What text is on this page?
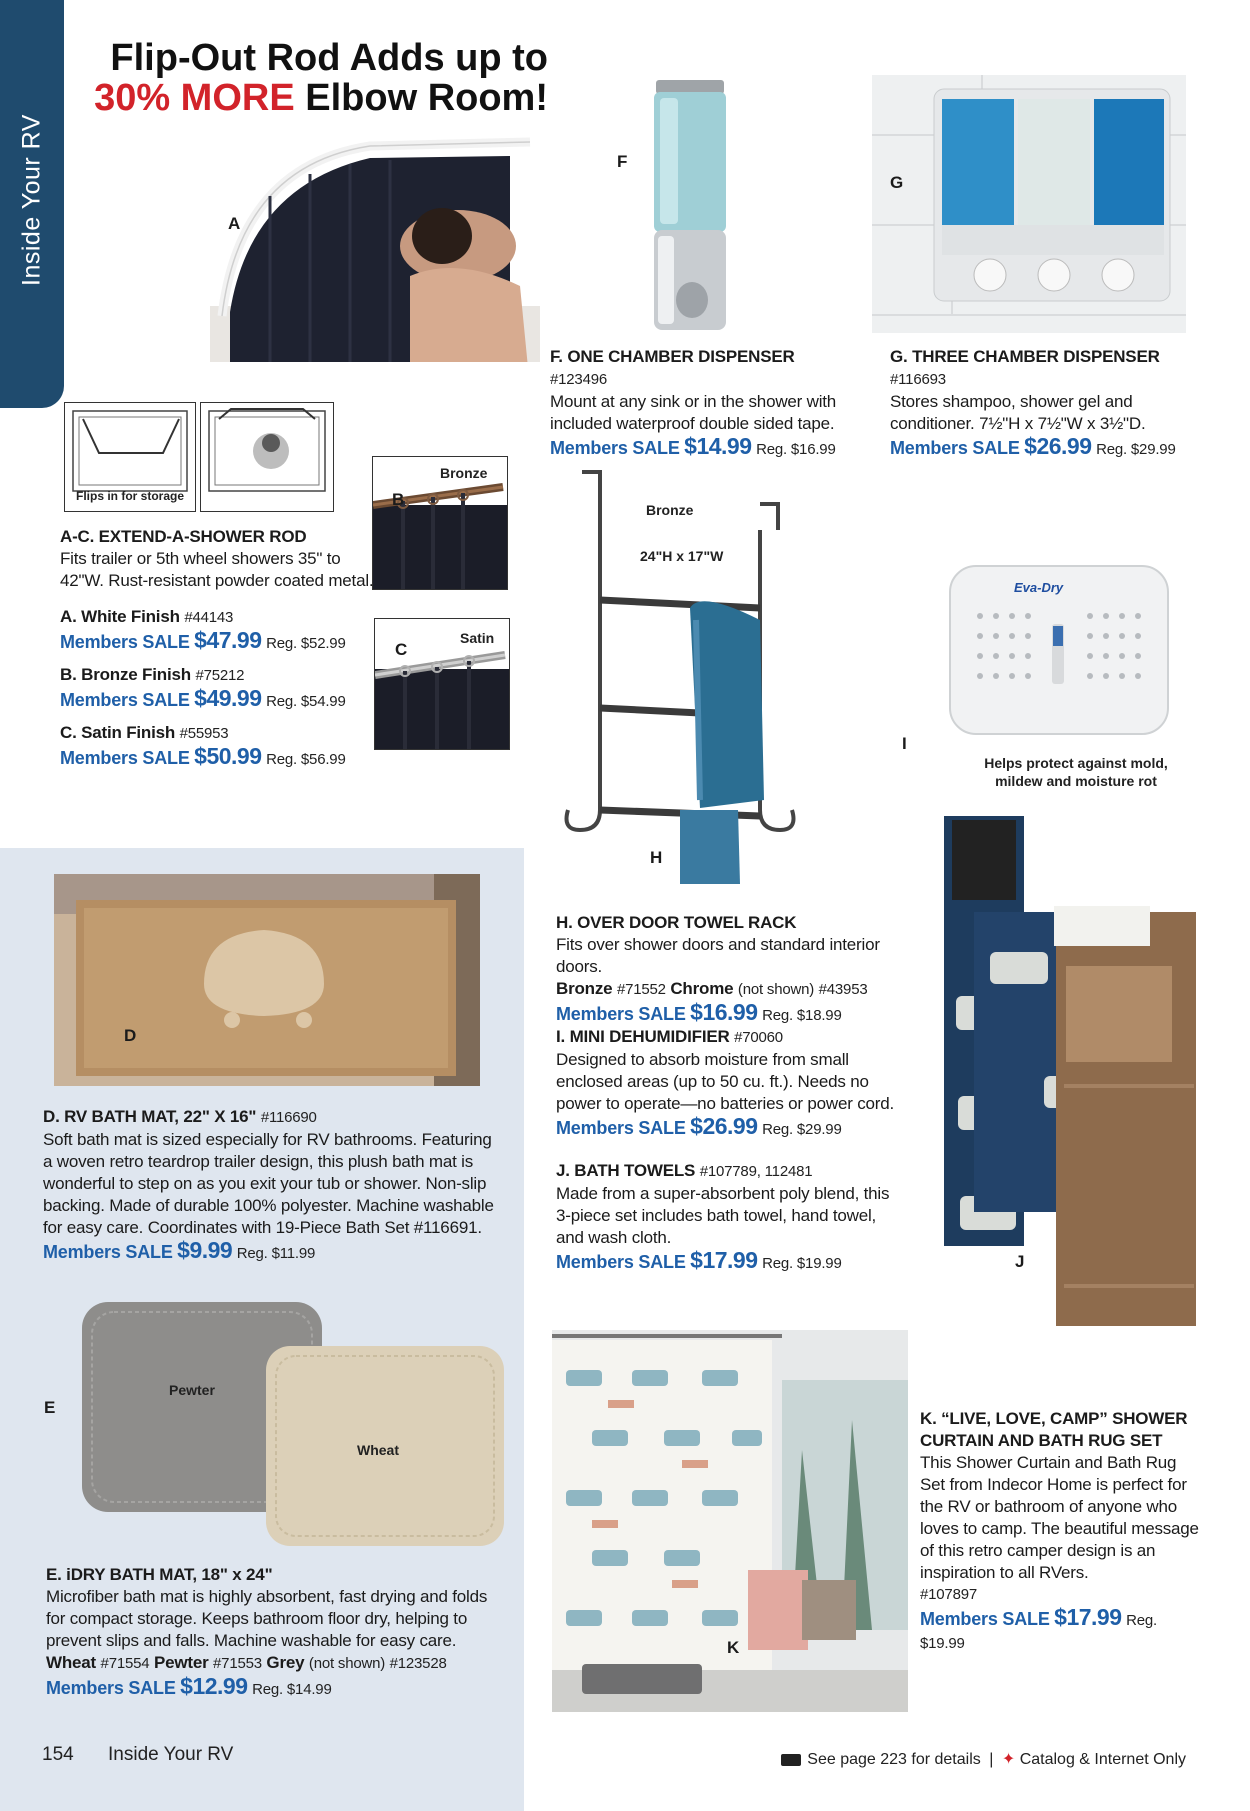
Inside Your RV
Flip-Out Rod Adds up to
30% MORE Elbow Room!
A
Flips in for storage
Bronze
B
Satin
C
A-C. EXTEND-A-SHOWER ROD
Fits trailer or 5th wheel showers 35" to 42"W. Rust-resistant powder coated metal.
A. White Finish #44143
Members SALE $47.99 Reg. $52.99
B. Bronze Finish #75212
Members SALE $49.99 Reg. $54.99
C. Satin Finish #55953
Members SALE $50.99 Reg. $56.99
F
G
F. ONE CHAMBER DISPENSER #123496
Mount at any sink or in the shower with included waterproof double sided tape.
Members SALE $14.99 Reg. $16.99
G. THREE CHAMBER DISPENSER #116693
Stores shampoo, shower gel and conditioner. 7½"H x 7½"W x 3½"D.
Members SALE $26.99 Reg. $29.99
Bronze
24"H x 17"W
H
Eva-Dry
I
Helps protect against mold, mildew and moisture rot
J
D
D. RV BATH MAT, 22" X 16" #116690
Soft bath mat is sized especially for RV bathrooms. Featuring a woven retro teardrop trailer design, this plush bath mat is wonderful to step on as you exit your tub or shower. Non-slip backing. Made of durable 100% polyester. Machine washable for easy care. Coordinates with 19-Piece Bath Set #116691.
Members SALE $9.99 Reg. $11.99
Pewter
Wheat
E
E. iDRY BATH MAT, 18" x 24"
Microfiber bath mat is highly absorbent, fast drying and folds for compact storage. Keeps bathroom floor dry, helping to prevent slips and falls. Machine washable for easy care.
Wheat #71554 Pewter #71553 Grey (not shown) #123528
Members SALE $12.99 Reg. $14.99
H. OVER DOOR TOWEL RACK
Fits over shower doors and standard interior doors.
Bronze #71552 Chrome (not shown) #43953
Members SALE $16.99 Reg. $18.99
I. MINI DEHUMIDIFIER #70060
Designed to absorb moisture from small enclosed areas (up to 50 cu. ft.). Needs no power to operate—no batteries or power cord.
Members SALE $26.99 Reg. $29.99
J. BATH TOWELS #107789, 112481
Made from a super-absorbent poly blend, this 3-piece set includes bath towel, hand towel, and wash cloth.
Members SALE $17.99 Reg. $19.99
K
K. “LIVE, LOVE, CAMP” SHOWER CURTAIN AND BATH RUG SET
This Shower Curtain and Bath Rug Set from Indecor Home is perfect for the RV or bathroom of anyone who loves to camp. The beautiful message of this retro camper design is an inspiration to all RVers.
#107897
Members SALE $17.99 Reg. $19.99
154 Inside Your RV	See page 223 for details | ✦ Catalog & Internet Only
